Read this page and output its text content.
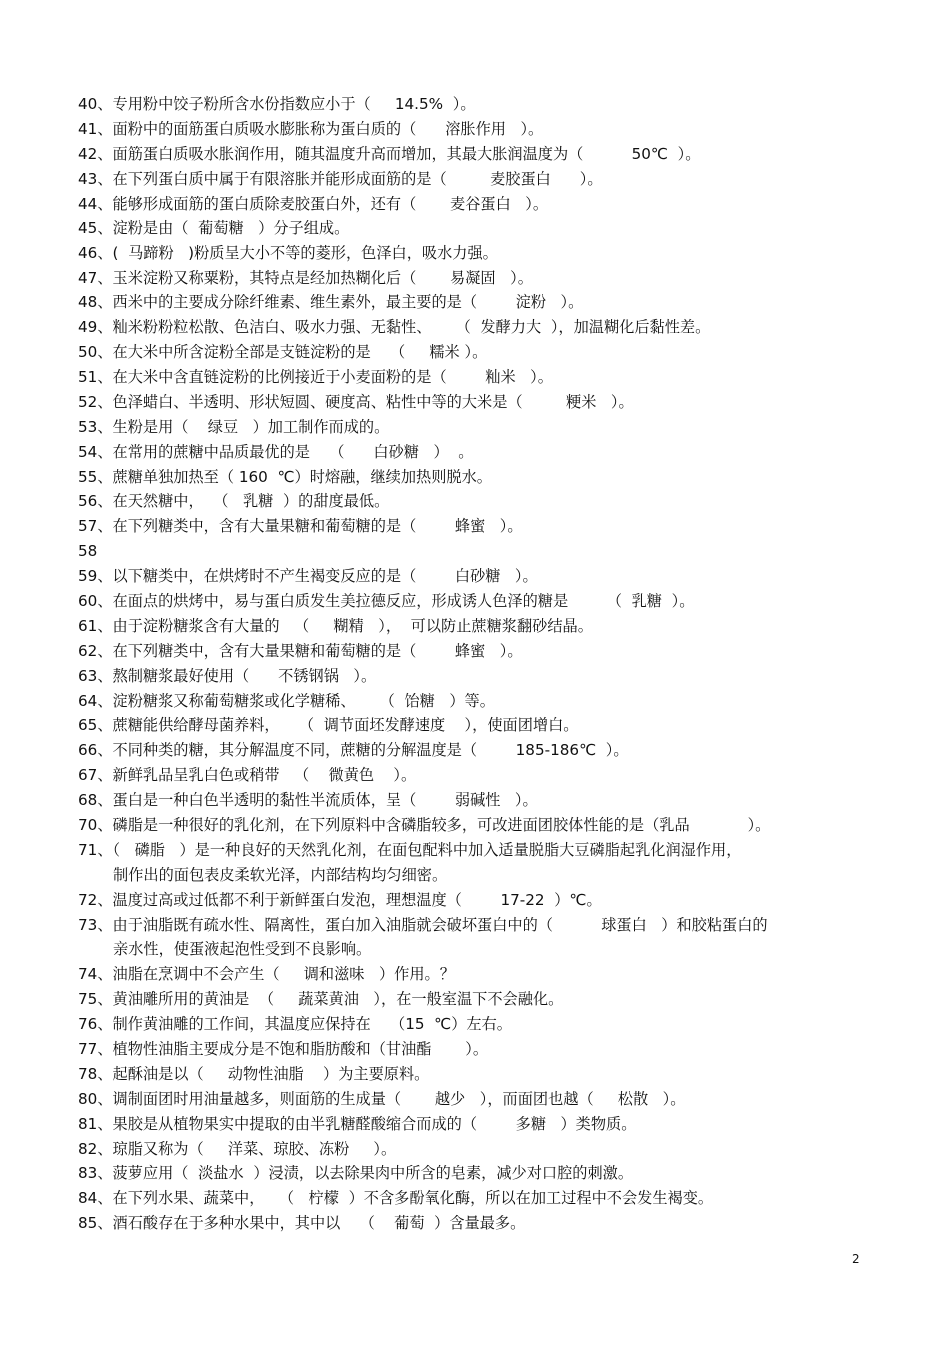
40、专用粉中饺子粉所含水份指数应小于（     14.5%  ）。
41、面粉中的面筋蛋白质吸水膨胀称为蛋白质的（      溶胀作用   ）。
42、面筋蛋白质吸水胀润作用，随其温度升高而增加，其最大胀润温度为（          50℃  ）。
43、在下列蛋白质中属于有限溶胀并能形成面筋的是（         麦胶蛋白      ）。
44、能够形成面筋的蛋白质除麦胶蛋白外，还有（       麦谷蛋白   ）。
45、淀粉是由（  葡萄糖   ）分子组成。
46、(  马蹄粉   )粉质呈大小不等的菱形，色泽白，吸水力强。
47、玉米淀粉又称粟粉，其特点是经加热糊化后（       易凝固   ）。
48、西米中的主要成分除纤维素、维生素外，最主要的是（        淀粉   ）。
49、籼米粉粉粒松散、色洁白、吸水力强、无黏性、     （  发酵力大  ），加温糊化后黏性差。
50、在大米中所含淀粉全部是支链淀粉的是    （     糯米 ）。
51、在大米中含直链淀粉的比例接近于小麦面粉的是（        籼米   ）。
52、色泽蜡白、半透明、形状短圆、硬度高、粘性中等的大米是（         粳米   ）。
53、生粉是用（    绿豆   ）加工制作而成的。
54、在常用的蔗糖中品质最优的是    （      白砂糖   ）  。
55、蔗糖单独加热至（ 160  ℃）时熔融，继续加热则脱水。
56、在天然糖中，  （   乳糖  ）的甜度最低。
57、在下列糖类中，含有大量果糖和葡萄糖的是（        蜂蜜   ）。
58
59、以下糖类中，在烘烤时不产生褐变反应的是（        白砂糖   ）。
60、在面点的烘烤中，易与蛋白质发生美拉德反应，形成诱人色泽的糖是        （  乳糖  ）。
61、由于淀粉糖浆含有大量的   （     糊精   ），  可以防止蔗糖浆翻砂结晶。
62、在下列糖类中，含有大量果糖和葡萄糖的是（        蜂蜜   ）。
63、熬制糖浆最好使用（      不锈钢锅   ）。
64、淀粉糖浆又称葡萄糖浆或化学糖稀、     （  饴糖   ）等。
65、蔗糖能供给酵母菌养料，    （  调节面坯发酵速度    ），使面团增白。
66、不同种类的糖，其分解温度不同，蔗糖的分解温度是（        185-186℃  ）。
67、新鲜乳品呈乳白色或稍带   （    微黄色    ）。
68、蛋白是一种白色半透明的黏性半流质体，呈（        弱碱性   ）。
70、磷脂是一种很好的乳化剂，在下列原料中含磷脂较多，可改进面团胶体性能的是（乳品            ）。
71、（   磷脂   ）是一种良好的天然乳化剂，在面包配料中加入适量脱脂大豆磷脂起乳化润湿作用，
制作出的面包表皮柔软光泽，内部结构均匀细密。
72、温度过高或过低都不利于新鲜蛋白发泡，理想温度（        17-22  ）℃。
73、由于油脂既有疏水性、隔离性，蛋白加入油脂就会破坏蛋白中的（          球蛋白   ）和胶粘蛋白的
亲水性，使蛋液起泡性受到不良影响。
74、油脂在烹调中不会产生（     调和滋味   ）作用。？
75、黄油雕所用的黄油是  （     蔬菜黄油   ），在一般室温下不会融化。
76、制作黄油雕的工作间，其温度应保持在    （15  ℃）左右。
77、植物性油脂主要成分是不饱和脂肪酸和（甘油酯       ）。
78、起酥油是以（     动物性油脂    ）为主要原料。
80、调制面团时用油量越多，则面筋的生成量（       越少   ），而面团也越（     松散   ）。
81、果胶是从植物果实中提取的由半乳糖醛酸缩合而成的（        多糖   ）类物质。
82、琼脂又称为（     洋菜、琼胶、冻粉     ）。
83、菠萝应用（  淡盐水  ）浸渍，以去除果肉中所含的皂素，减少对口腔的刺激。
84、在下列水果、蔬菜中，   （   柠檬  ）不含多酚氧化酶，所以在加工过程中不会发生褐变。
85、酒石酸存在于多种水果中，其中以    （    葡萄  ）含量最多。
2
